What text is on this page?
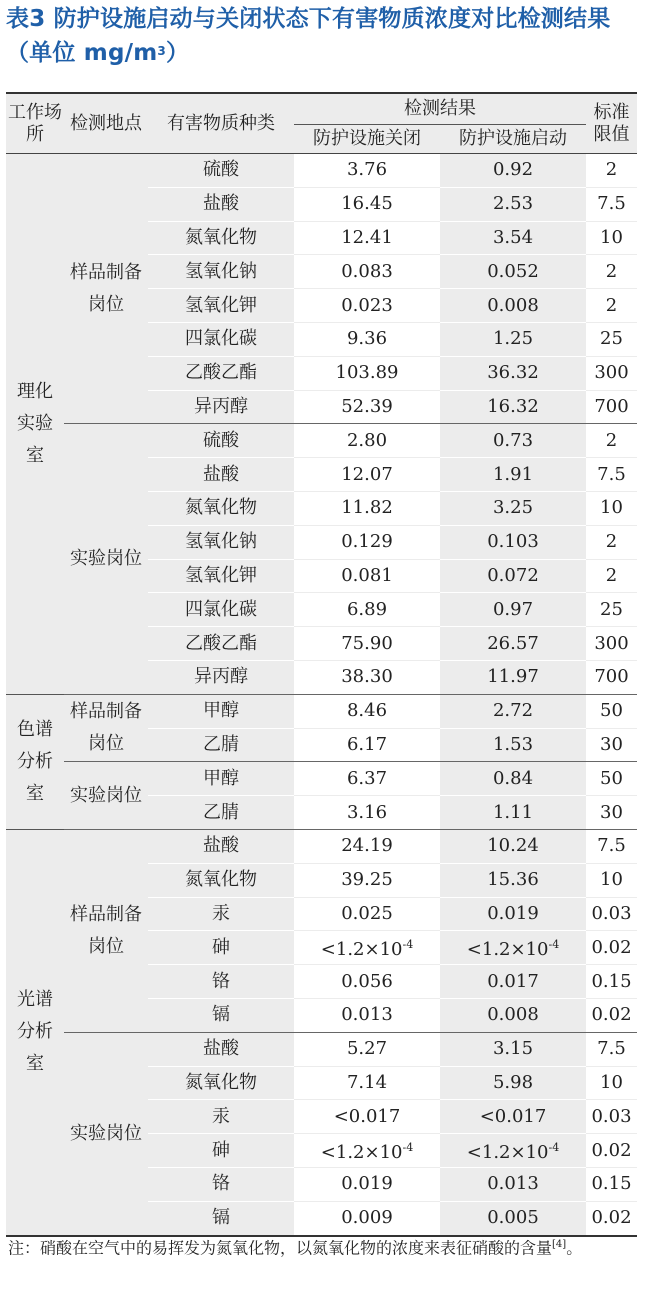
表3 防护设施启动与关闭状态下有害物质浓度对比检测结果（单位 $mg/m^3$）
工作场所	检测地点	有害物质种类	检测结果		标准限值
			防护设施关闭	防护设施启动	
理化实验室	样品制备岗位	硫酸	3.76	0.92	2
		盐酸	16.45	2.53	7.5
		氮氧化物	12.41	3.54	10
		氢氧化钠	0.083	0.052	2
		氢氧化钾	0.023	0.008	2
		四氯化碳	9.36	1.25	25
		乙酸乙酯	103.89	36.32	300
		异丙醇	52.39	16.32	700
	实验岗位	硫酸	2.80	0.73	2
		盐酸	12.07	1.91	7.5
		氮氧化物	11.82	3.25	10
		氢氧化钠	0.129	0.103	2
		氢氧化钾	0.081	0.072	2
		四氯化碳	6.89	0.97	25
		乙酸乙酯	75.90	26.57	300
		异丙醇	38.30	11.97	700
色谱分析室	样品制备岗位	甲醇	8.46	2.72	50
		乙腈	6.17	1.53	30
	实验岗位	甲醇	6.37	0.84	50
		乙腈	3.16	1.11	30
光谱分析室	样品制备岗位	盐酸	24.19	10.24	7.5
		氮氧化物	39.25	15.36	10
		汞	0.025	0.019	0.03
		砷	$<1.2\times 10^{-4}$	$<1.2\times 10^{-4}$	0.02
		铬	0.056	0.017	0.15
		镉	0.013	0.008	0.02
	实验岗位	盐酸	5.27	3.15	7.5
		氮氧化物	7.14	5.98	10
		汞	<0.017	<0.017	0.03
		砷	$<1.2\times 10^{-4}$	$<1.2\times 10^{-4}$	0.02
		铬	0.019	0.013	0.15
		镉	0.009	0.005	0.02
注：硝酸在空气中的易挥发为氮氧化物，以氮氧化物的浓度来表征硝酸的含量[4]。
